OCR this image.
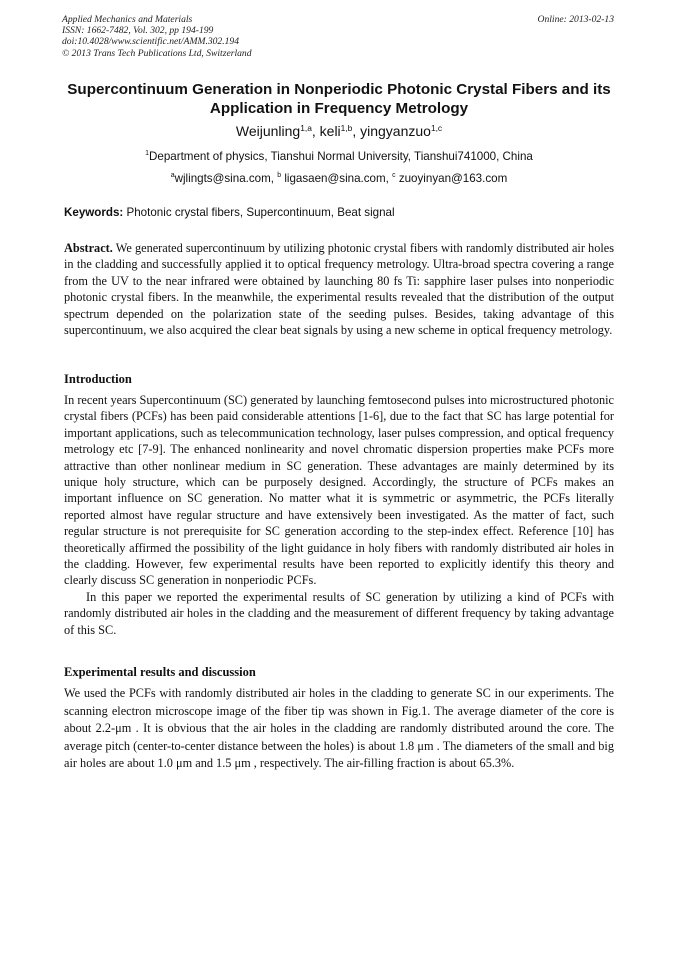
Applied Mechanics and Materials
ISSN: 1662-7482, Vol. 302, pp 194-199
doi:10.4028/www.scientific.net/AMM.302.194
© 2013 Trans Tech Publications Ltd, Switzerland
Online: 2013-02-13
Supercontinuum Generation in Nonperiodic Photonic Crystal Fibers and its Application in Frequency Metrology
Weijunling$^{1,a}$, keli$^{1,b}$, yingyanzuo$^{1,c}$
$^1$Department of physics, Tianshui Normal University, Tianshui741000, China
$^a$wjlingts@sina.com, $^b$ ligasaen@sina.com, $^c$ zuoyinyan@163.com
Keywords: Photonic crystal fibers, Supercontinuum, Beat signal

Abstract. We generated supercontinuum by utilizing photonic crystal fibers with randomly distributed air holes in the cladding and successfully applied it to optical frequency metrology. Ultra-broad spectra covering a range from the UV to the near infrared were obtained by launching 80 fs Ti: sapphire laser pulses into nonperiodic photonic crystal fibers. In the meanwhile, the experimental results revealed that the distribution of the output spectrum depended on the polarization state of the seeding pulses. Besides, taking advantage of this supercontinuum, we also acquired the clear beat signals by using a new scheme in optical frequency metrology.

Introduction

In recent years Supercontinuum (SC) generated by launching femtosecond pulses into microstructured photonic crystal fibers (PCFs) has been paid considerable attentions [1-6], due to the fact that SC has large potential for important applications, such as telecommunication technology, laser pulses compression, and optical frequency metrology etc [7-9]. The enhanced nonlinearity and novel chromatic dispersion properties make PCFs more attractive than other nonlinear medium in SC generation. These advantages are mainly determined by its unique holy structure, which can be purposely designed. Accordingly, the structure of PCFs makes an important influence on SC generation. No matter what it is symmetric or asymmetric, the PCFs literally reported almost have regular structure and have extensively been investigated. As the matter of fact, such regular structure is not prerequisite for SC generation according to the step-index effect. Reference [10] has theoretically affirmed the possibility of the light guidance in holy fibers with randomly distributed air holes in the cladding. However, few experimental results have been reported to explicitly identify this theory and clearly discuss SC generation in nonperiodic PCFs.

In this paper we reported the experimental results of SC generation by utilizing a kind of PCFs with randomly distributed air holes in the cladding and the measurement of different frequency by taking advantage of this SC.

Experimental results and discussion

We used the PCFs with randomly distributed air holes in the cladding to generate SC in our experiments. The scanning electron microscope image of the fiber tip was shown in Fig.1. The average diameter of the core is about 2.2-μm . It is obvious that the air holes in the cladding are randomly distributed around the core. The average pitch (center-to-center distance between the holes) is about 1.8 μm . The diameters of the small and big air holes are about 1.0 μm and 1.5 μm , respectively. The air-filling fraction is about 65.3%.
